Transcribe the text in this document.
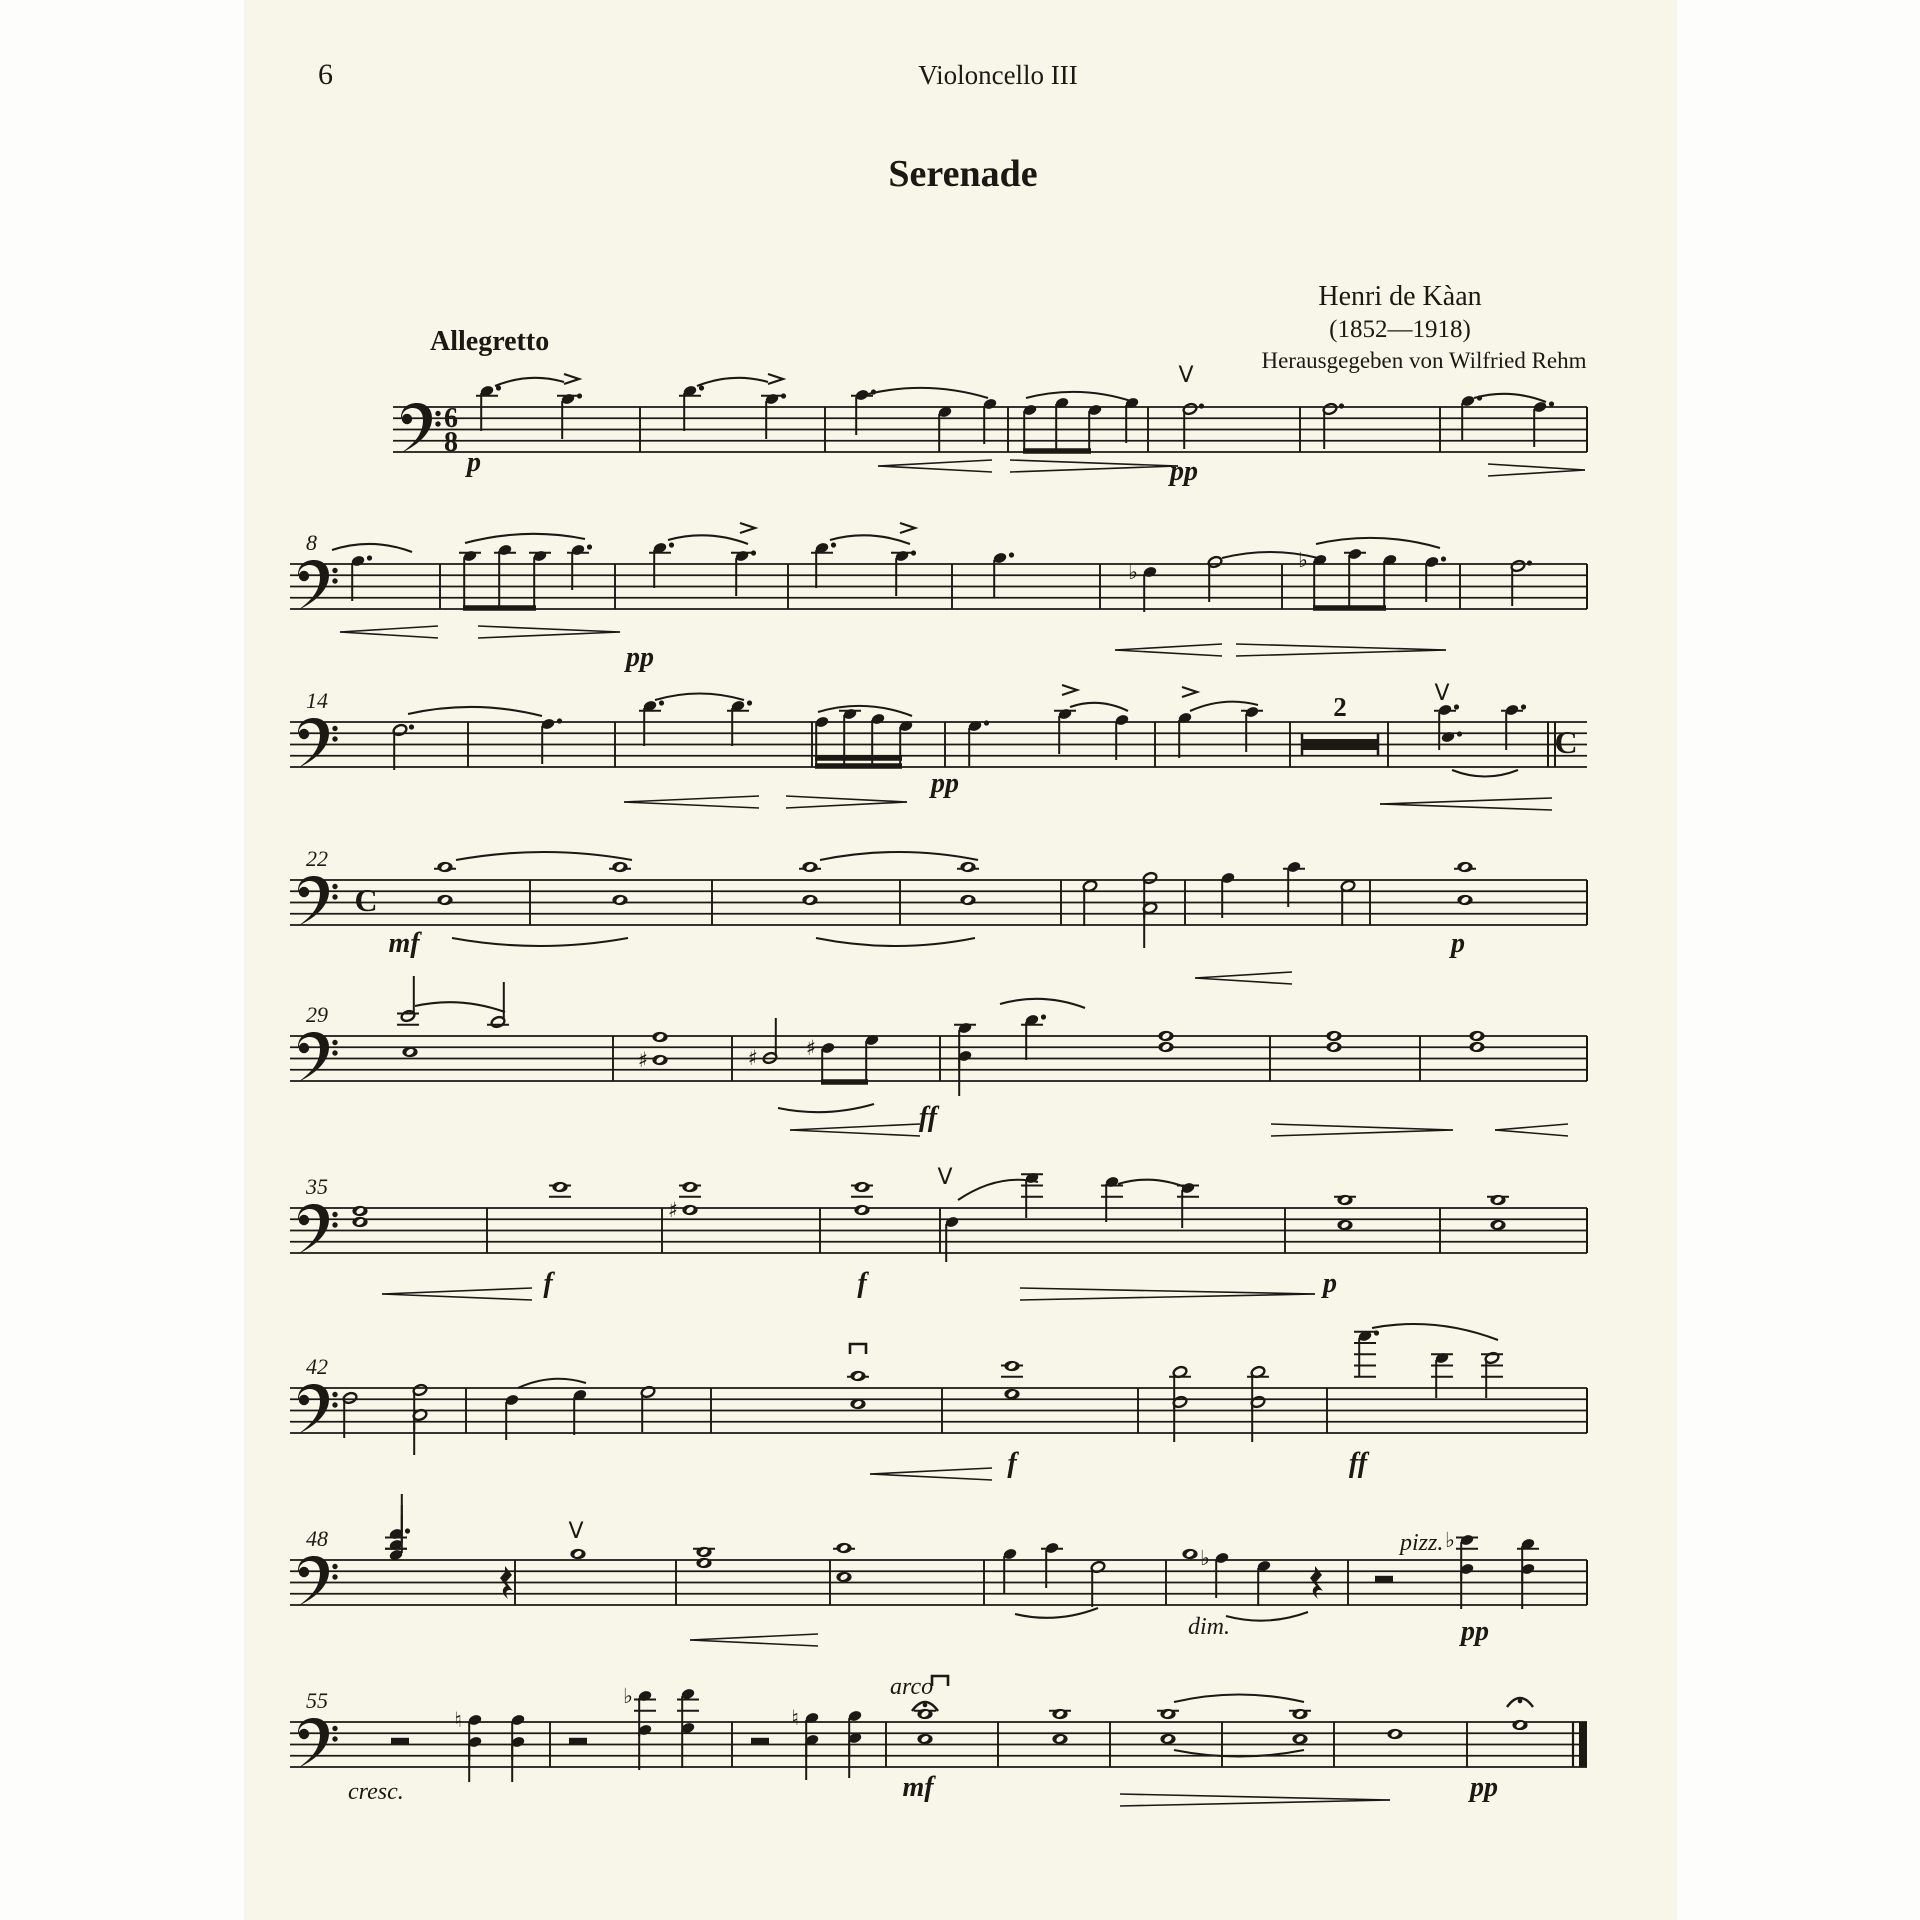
6	Violoncello III
Serenade
Henri de Kàan
(1852—1918)
Herausgegeben von Wilfried Rehm
Allegretto
6
8
p	pp
V
8
♭	♭
pp
14
C
2
pp
V
22
C
mf	p
29
♯	♯ ♯
ff
35
♯
f	f	p
V
42
f	ff
48
♭
♭
pp
dim.
pizz.
V
55
♮
♭
♮
cresc.
arco
mf	pp
